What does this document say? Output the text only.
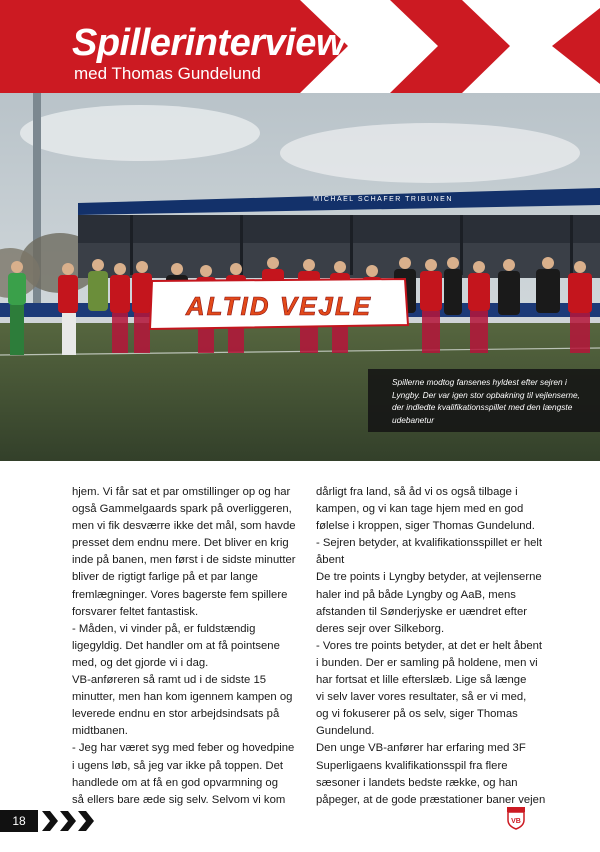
Spillerinterview
med Thomas Gundelund
MICHAEL SCHAFER TRIBUNEN
ALTID VEJLE

Spillerne modtog fansenes hyldest efter sejren i

Lyngby. Der var igen stor opbakning til vejlenserne,

der indledte kvalifikationsspillet med den længste

udebanetur

hjem. Vi får sat et par omstillinger op og har

også Gammelgaards spark på overliggeren,

men vi fik desværre ikke det mål, som havde

presset dem endnu mere. Det bliver en krig

inde på banen, men først i de sidste minutter

bliver de rigtigt farlige på et par lange

fremlægninger. Vores bagerste fem spillere

forsvarer feltet fantastisk.

- Måden, vi vinder på, er fuldstændig

ligegyldig. Det handler om at få pointsene

med, og det gjorde vi i dag.

VB-anføreren så ramt ud i de sidste 15

minutter, men han kom igennem kampen og

leverede endnu en stor arbejdsindsats på

midtbanen.

- Jeg har været syg med feber og hovedpine

i ugens løb, så jeg var ikke på toppen. Det

handlede om at få en god opvarmning og

så ellers bare æde sig selv. Selvom vi kom

dårligt fra land, så åd vi os også tilbage i

kampen, og vi kan tage hjem med en god

følelse i kroppen, siger Thomas Gundelund.

- Sejren betyder, at kvalifikationsspillet er helt

åbent

De tre points i Lyngby betyder, at vejlenserne

haler ind på både Lyngby og AaB, mens

afstanden til Sønderjyske er uændret efter

deres sejr over Silkeborg.

- Vores tre points betyder, at det er helt åbent

i bunden. Der er samling på holdene, men vi

har fortsat et lille efterslæb. Lige så længe

vi selv laver vores resultater, så er vi med,

og vi fokuserer på os selv, siger Thomas

Gundelund.

Den unge VB-anfører har erfaring med 3F

Superligaens kvalifikationsspil fra flere

sæsoner i landets bedste række, og han

påpeger, at de gode præstationer baner vejen

18	VB
